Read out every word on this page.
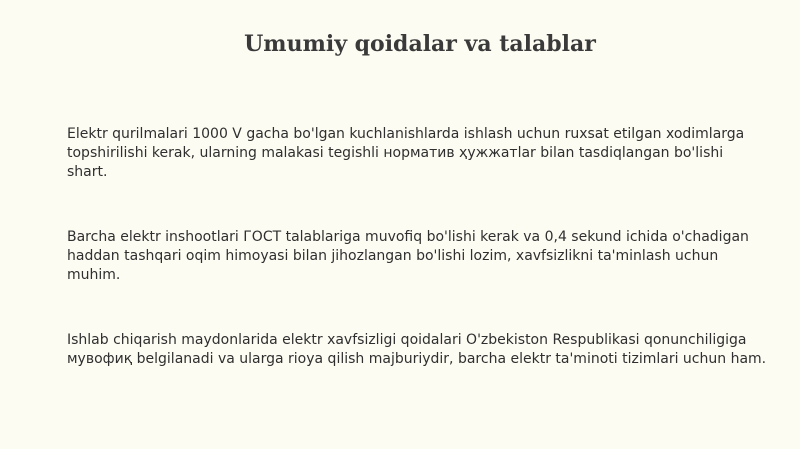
Umumiy qoidalar va talablar

Elektr qurilmalari 1000 V gacha bo'lgan kuchlanishlarda ishlash uchun ruxsat etilgan xodimlarga topshirilishi kerak, ularning malakasi tegishli норматив ҳужжатlar bilan tasdiqlangan bo'lishi shart.

Barcha elektr inshootlari ГОСТ talablariga muvofiq bo'lishi kerak va 0,4 sekund ichida o'chadigan haddan tashqari oqim himoyasi bilan jihozlangan bo'lishi lozim, xavfsizlikni ta'minlash uchun muhim.

Ishlab chiqarish maydonlarida elektr xavfsizligi qoidalari O'zbekiston Respublikasi qonunchiligiga мувофиқ belgilanadi va ularga rioya qilish majburiydir, barcha elektr ta'minoti tizimlari uchun ham.
